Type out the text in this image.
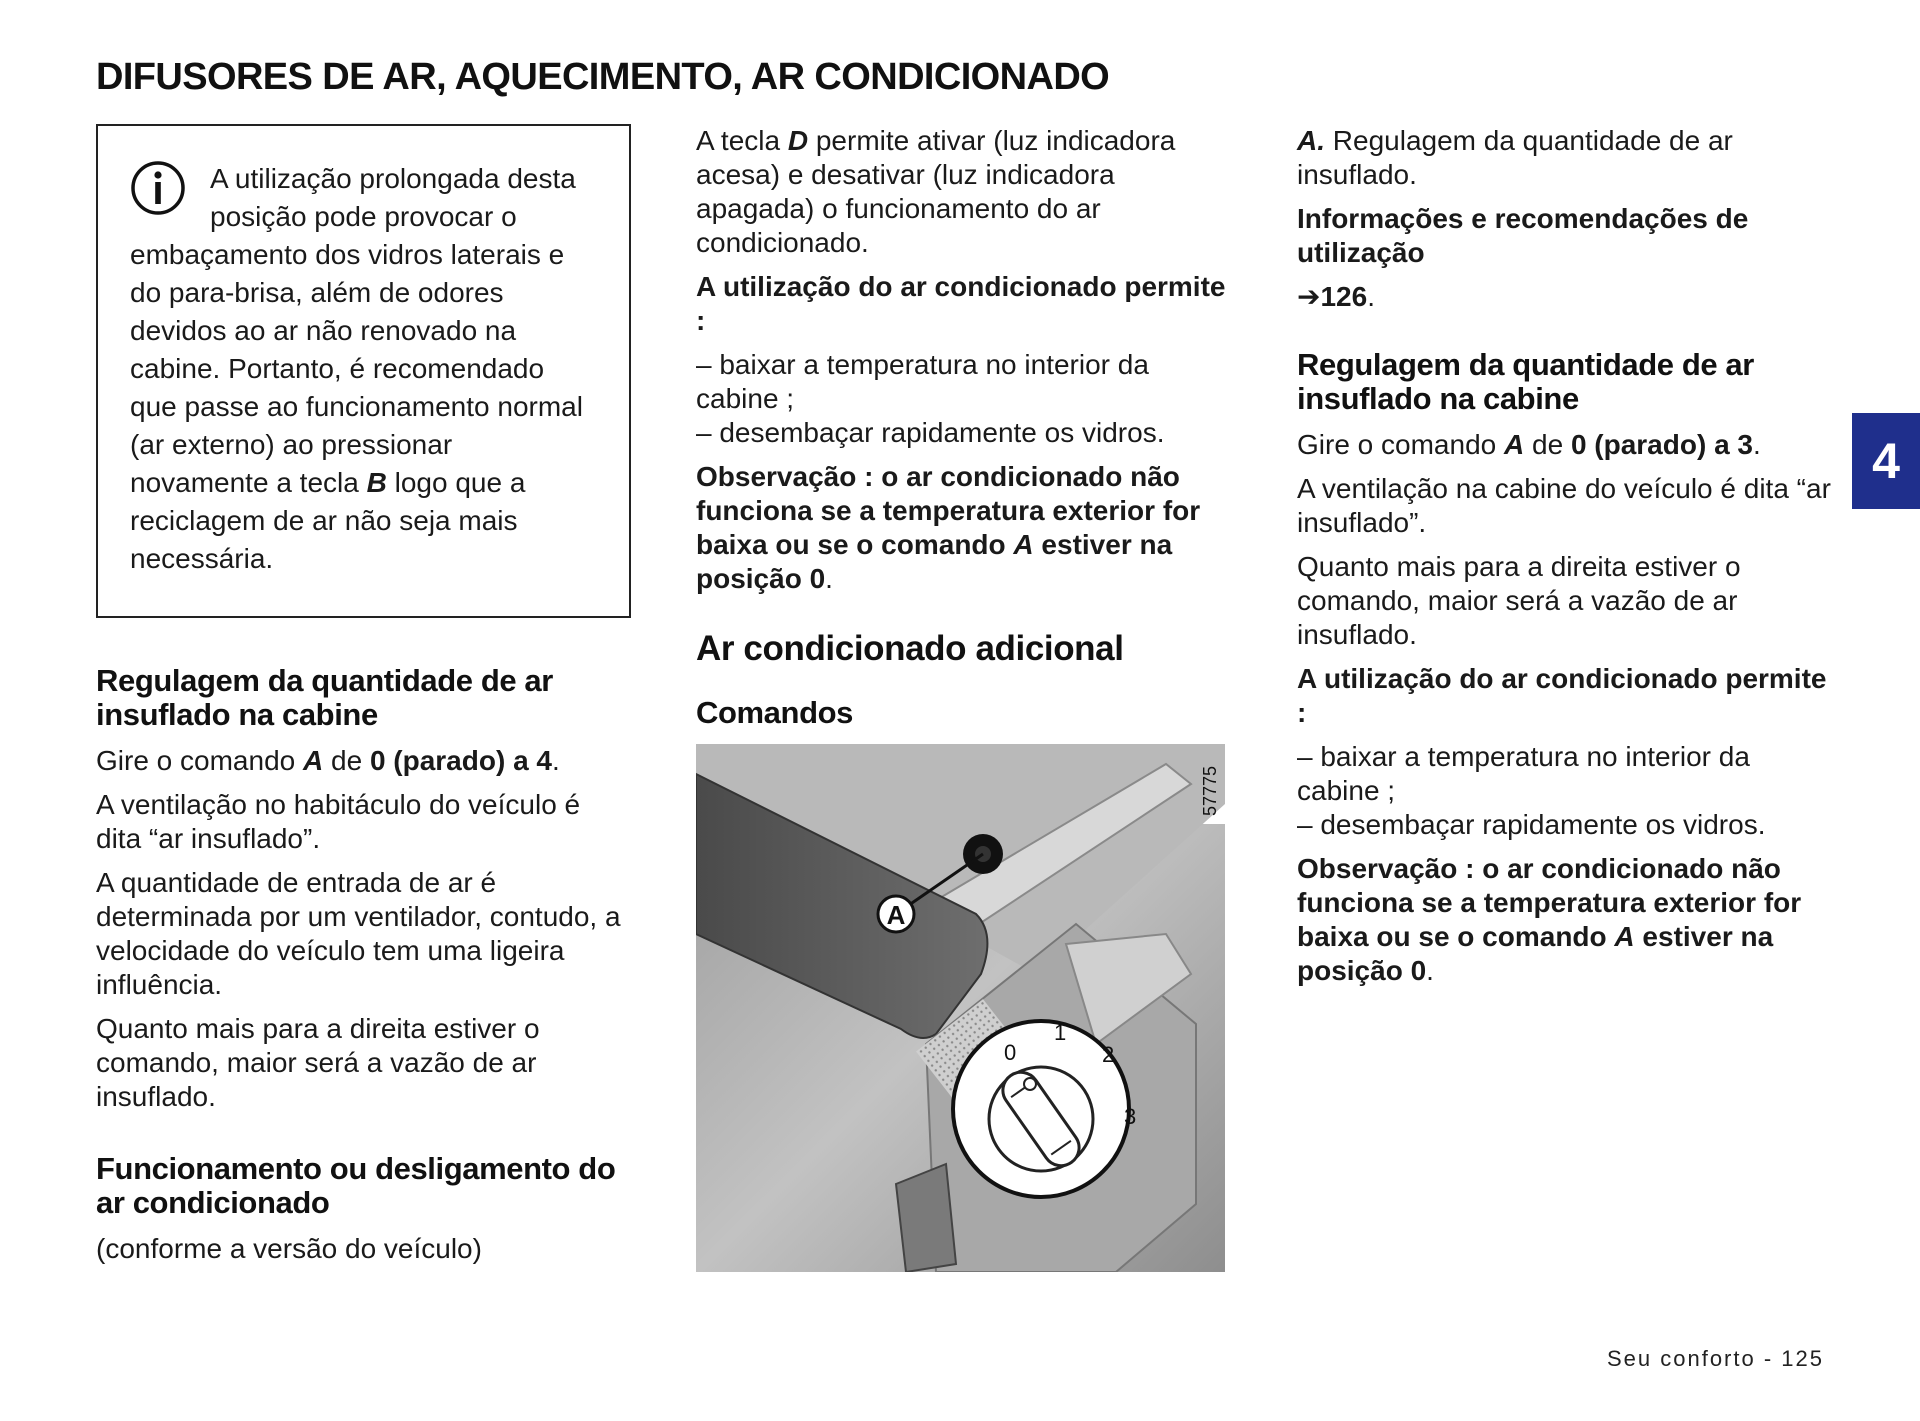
DIFUSORES DE AR, AQUECIMENTO, AR CONDICIONADO

A utilização prolongada desta posição pode provocar o embaçamento dos vidros laterais e do para-brisa, além de odores devidos ao ar não renovado na cabine. Portanto, é recomendado que passe ao funcionamento normal (ar externo) ao pressionar novamente a tecla B logo que a reciclagem de ar não seja mais necessária.

Regulagem da quantidade de ar insuflado na cabine

Gire o comando A de 0 (parado) a 4.

A ventilação no habitáculo do veículo é dita “ar insuflado”.

A quantidade de entrada de ar é determinada por um ventilador, contudo, a velocidade do veículo tem uma ligeira influência.

Quanto mais para a direita estiver o comando, maior será a vazão de ar insuflado.

Funcionamento ou desligamento do ar condicionado

(conforme a versão do veículo)

A tecla D permite ativar (luz indicadora acesa) e desativar (luz indicadora apagada) o funcionamento do ar condicionado.

A utilização do ar condicionado permite :

– baixar a temperatura no interior da cabine ;

– desembaçar rapidamente os vidros.

Observação : o ar condicionado não funciona se a temperatura exterior for baixa ou se o comando A estiver na posição 0.

Ar condicionado adicional
Comandos
A
0
1
2
3
57775

A. Regulagem da quantidade de ar insuflado.

Informações e recomendações de utilização

➔126.

Regulagem da quantidade de ar insuflado na cabine

Gire o comando A de 0 (parado) a 3.

A ventilação na cabine do veículo é dita “ar insuflado”.

Quanto mais para a direita estiver o comando, maior será a vazão de ar insuflado.

A utilização do ar condicionado permite :

– baixar a temperatura no interior da cabine ;

– desembaçar rapidamente os vidros.

Observação : o ar condicionado não funciona se a temperatura exterior for baixa ou se o comando A estiver na posição 0.

4
Seu conforto - 125
